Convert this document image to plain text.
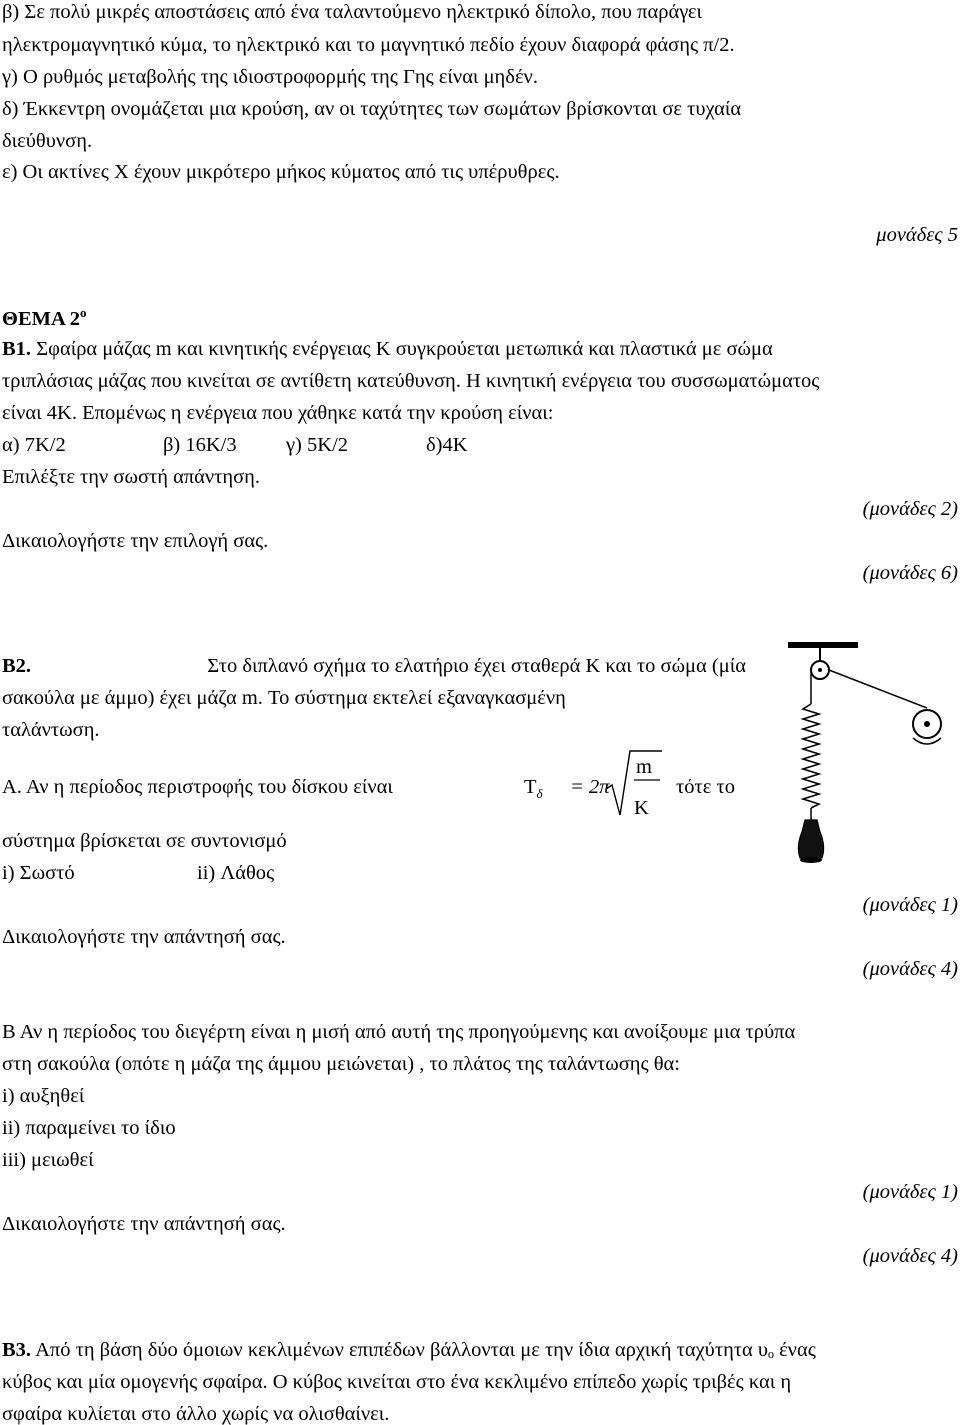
β) Σε πολύ μικρές αποστάσεις από ένα ταλαντούμενο ηλεκτρικό δίπολο, που παράγει
ηλεκτρομαγνητικό κύμα, το ηλεκτρικό και το μαγνητικό πεδίο έχουν διαφορά φάσης π/2.
γ) Ο ρυθμός μεταβολής της ιδιοστροφορμής της Γης είναι μηδέν.
δ) Έκκεντρη ονομάζεται μια κρούση, αν οι ταχύτητες των σωμάτων βρίσκονται σε τυχαία
διεύθυνση.
ε) Οι ακτίνες Χ έχουν μικρότερο μήκος κύματος από τις υπέρυθρες.
μονάδες 5
ΘΕΜΑ $2^o$
Β1. Σφαίρα μάζας m και κινητικής ενέργειας Κ συγκρούεται μετωπικά και πλαστικά με σώμα
τριπλάσιας μάζας που κινείται σε αντίθετη κατεύθυνση. Η κινητική ενέργεια του συσσωματώματος
είναι 4Κ. Επομένως η ενέργεια που χάθηκε κατά την κρούση είναι:
α) 7Κ/2	β) 16Κ/3 γ) 5Κ/2	δ)4Κ
Επιλέξτε την σωστή απάντηση.
(μονάδες 2)
Δικαιολογήστε την επιλογή σας.
(μονάδες 6)
Β2.	Στο διπλανό σχήμα το ελατήριο έχει σταθερά Κ και το σώμα (μία
σακούλα με άμμο) έχει μάζα m. Το σύστημα εκτελεί εξαναγκασμένη
ταλάντωση.
Α. Αν η περίοδος περιστροφής του δίσκου είναι	$T_\delta = 2\pi$
m
K
τότε το
σύστημα βρίσκεται σε συντονισμό
i) Σωστό	ii) Λάθος
(μονάδες 1)
Δικαιολογήστε την απάντησή σας.
(μονάδες 4)
Β Αν η περίοδος του διεγέρτη είναι η μισή από αυτή της προηγούμενης και ανοίξουμε μια τρύπα
στη σακούλα (οπότε η μάζα της άμμου μειώνεται) , το πλάτος της ταλάντωσης θα:
i) αυξηθεί
ii) παραμείνει το ίδιο
iii) μειωθεί
(μονάδες 1)
Δικαιολογήστε την απάντησή σας.
(μονάδες 4)
Β3. Από τη βάση δύο όμοιων κεκλιμένων επιπέδων βάλλονται με την ίδια αρχική ταχύτητα υₒ ένας
κύβος και μία ομογενής σφαίρα. Ο κύβος κινείται στο ένα κεκλιμένο επίπεδο χωρίς τριβές και η
σφαίρα κυλίεται στο άλλο χωρίς να ολισθαίνει.
